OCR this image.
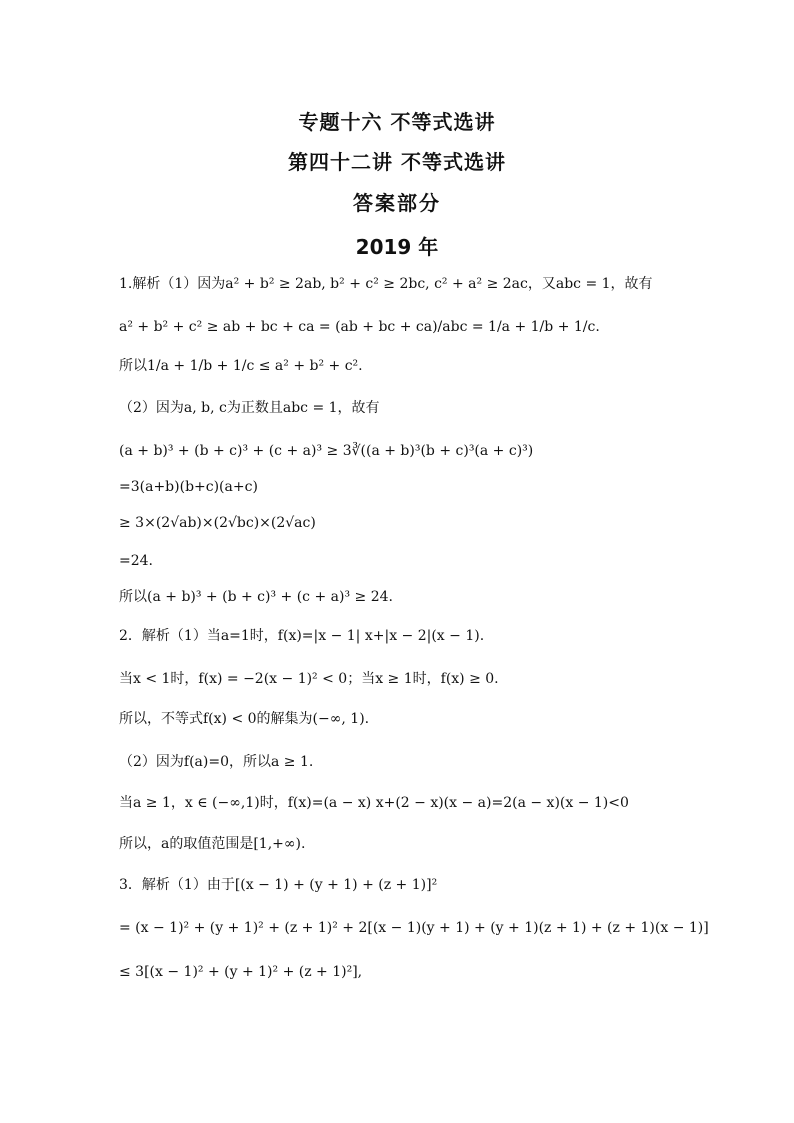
专题十六 不等式选讲
第四十二讲 不等式选讲
答案部分
2019 年
1.解析（1）因为a² + b² ≥ 2ab, b² + c² ≥ 2bc, c² + a² ≥ 2ac，又abc = 1，故有
a² + b² + c² ≥ ab + bc + ca = (ab + bc + ca)/abc = 1/a + 1/b + 1/c.
所以1/a + 1/b + 1/c ≤ a² + b² + c².
（2）因为a, b, c为正数且abc = 1，故有
(a + b)³ + (b + c)³ + (c + a)³ ≥ 3∛((a + b)³(b + c)³(a + c)³)
=3(a+b)(b+c)(a+c)
≥ 3×(2√ab)×(2√bc)×(2√ac)
=24.
所以(a + b)³ + (b + c)³ + (c + a)³ ≥ 24.
2．解析（1）当a=1时，f(x)=|x − 1| x+|x − 2|(x − 1).
当x < 1时，f(x) = −2(x − 1)² < 0；当x ≥ 1时，f(x) ≥ 0.
所以，不等式f(x) < 0的解集为(−∞, 1).
（2）因为f(a)=0，所以a ≥ 1.
当a ≥ 1，x ∈ (−∞,1)时，f(x)=(a − x) x+(2 − x)(x − a)=2(a − x)(x − 1)<0
所以，a的取值范围是[1,+∞).
3．解析（1）由于[(x − 1) + (y + 1) + (z + 1)]²
= (x − 1)² + (y + 1)² + (z + 1)² + 2[(x − 1)(y + 1) + (y + 1)(z + 1) + (z + 1)(x − 1)]
≤ 3[(x − 1)² + (y + 1)² + (z + 1)²],
